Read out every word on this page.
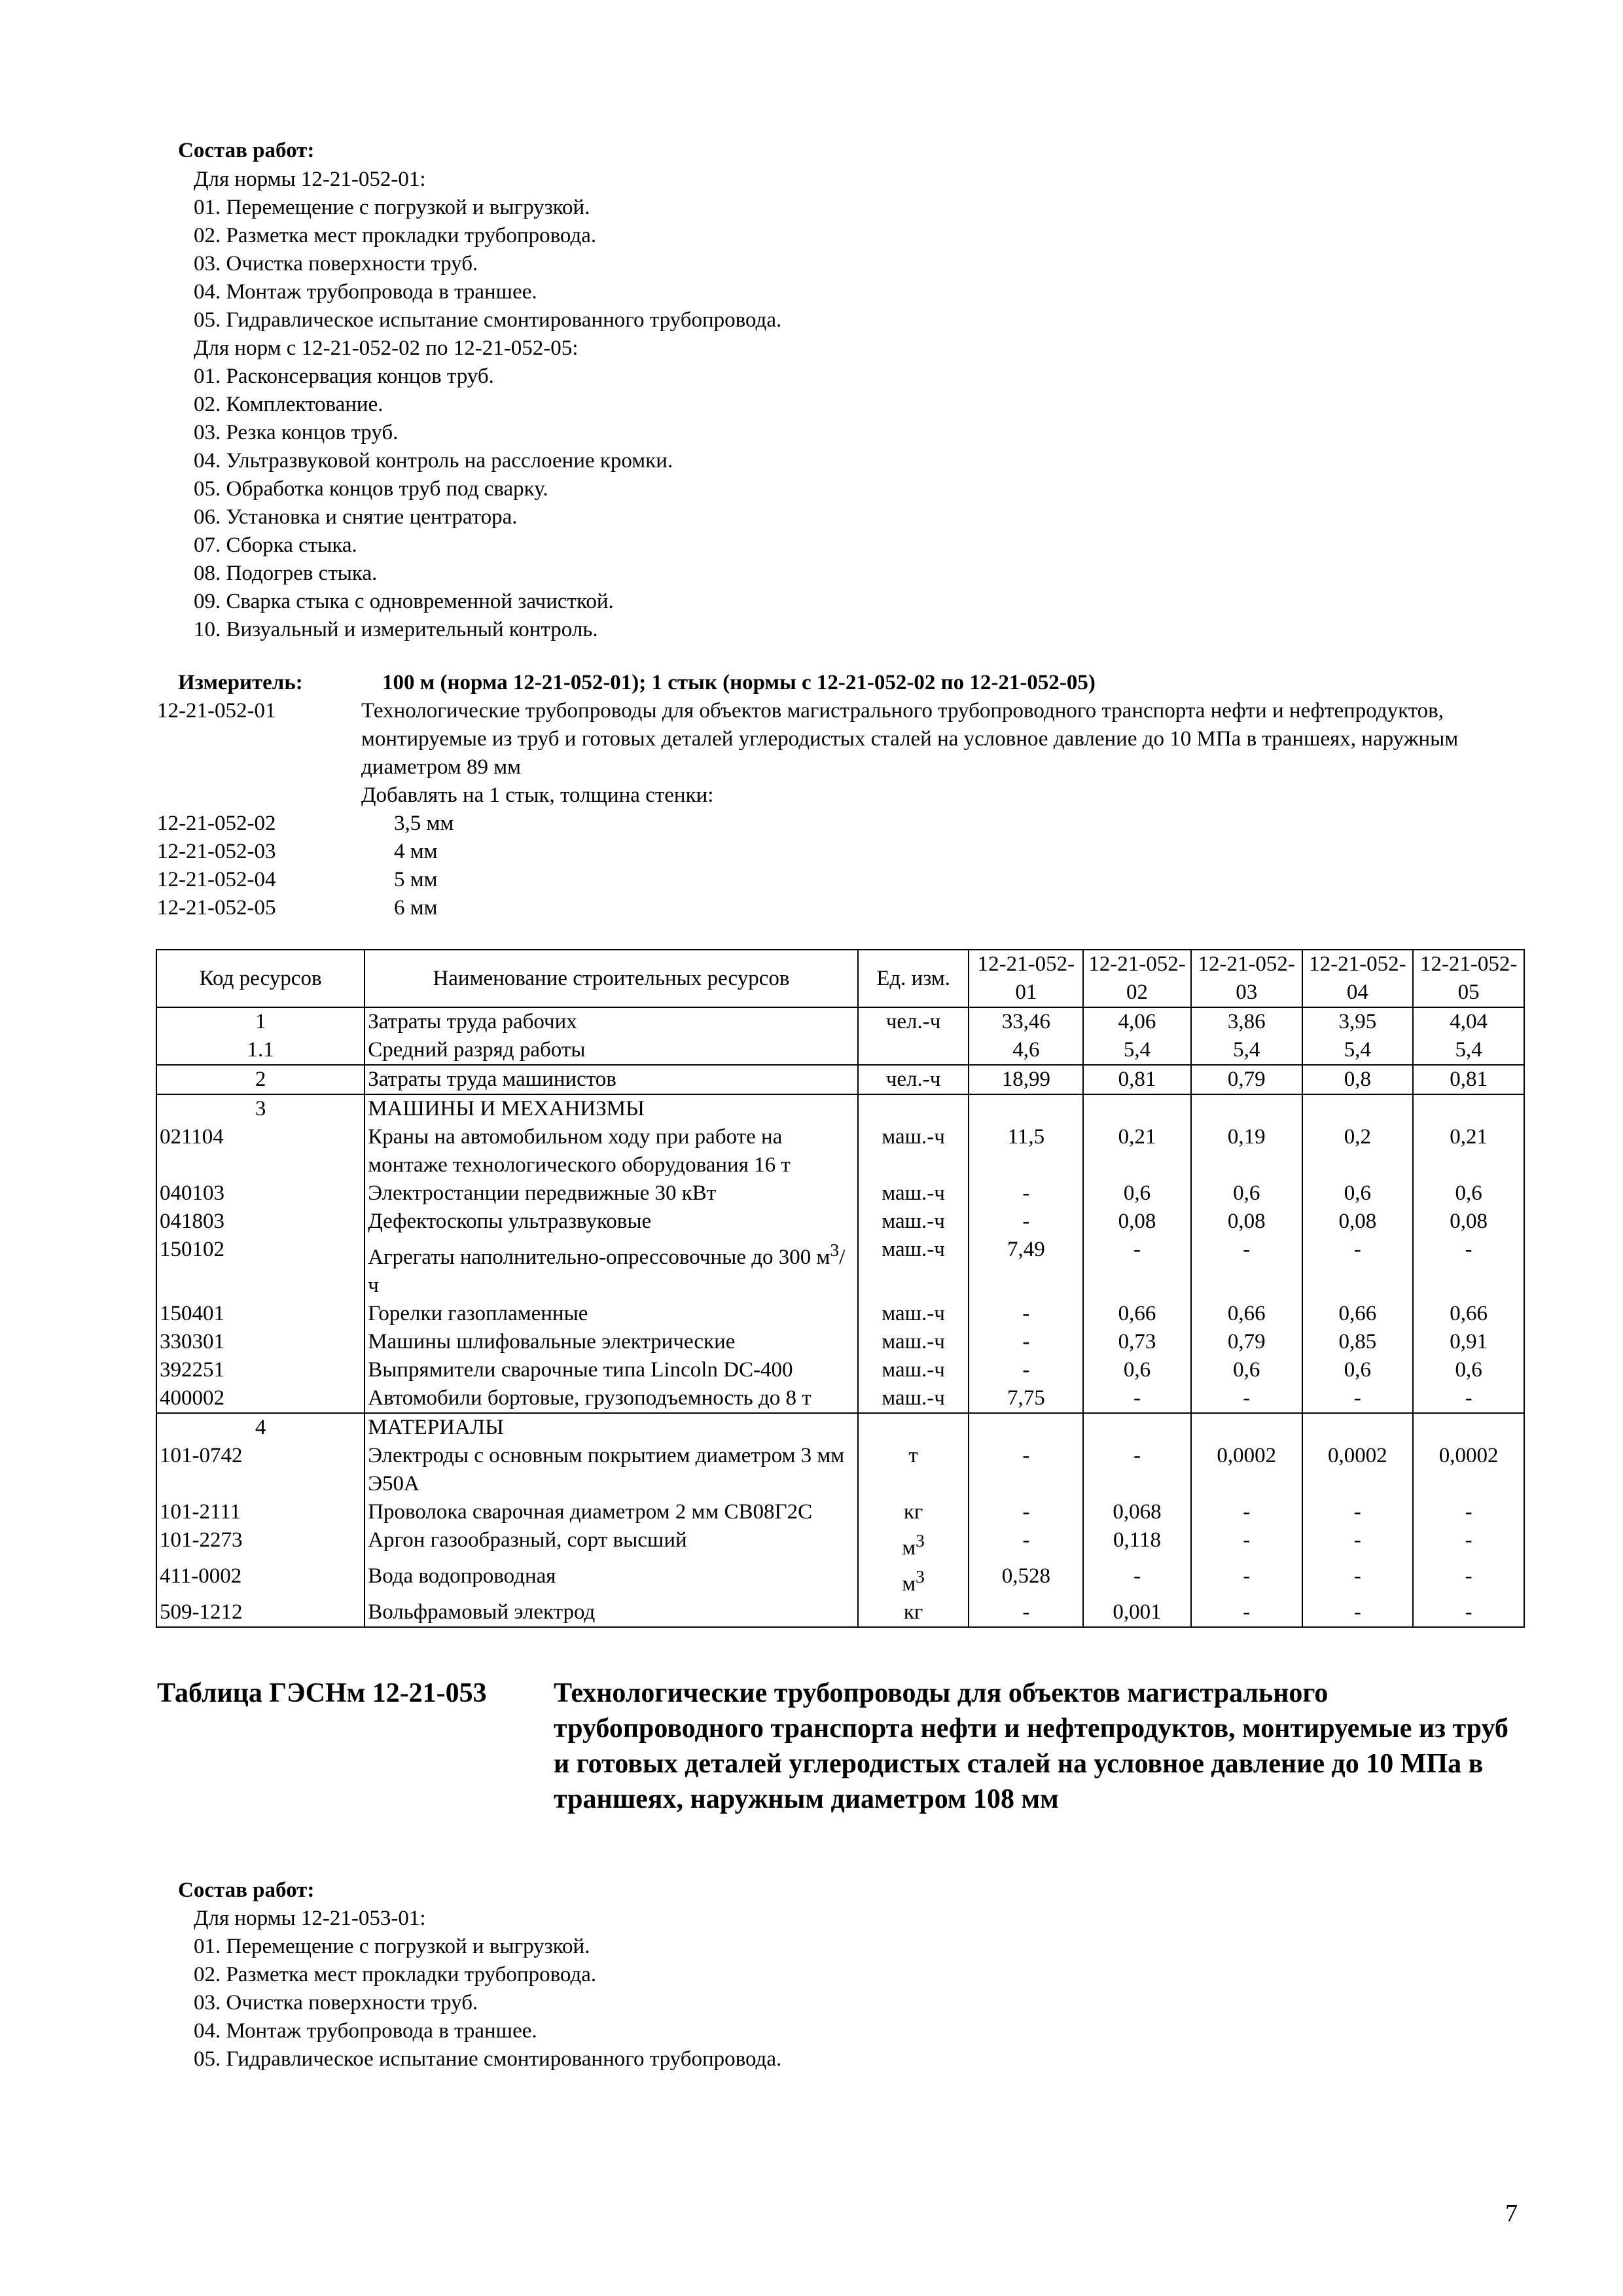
Состав работ:
Для нормы 12-21-052-01:
01. Перемещение с погрузкой и выгрузкой.
02. Разметка мест прокладки трубопровода.
03. Очистка поверхности труб.
04. Монтаж трубопровода в траншее.
05. Гидравлическое испытание смонтированного трубопровода.
Для норм с 12-21-052-02 по 12-21-052-05:
01. Расконсервация концов труб.
02. Комплектование.
03. Резка концов труб.
04. Ультразвуковой контроль на расслоение кромки.
05. Обработка концов труб под сварку.
06. Установка и снятие центратора.
07. Сборка стыка.
08. Подогрев стыка.
09. Сварка стыка с одновременной зачисткой.
10. Визуальный и измерительный контроль.
Измеритель:	100 м (норма 12-21-052-01); 1 стык (нормы с 12-21-052-02 по 12-21-052-05)
12-21-052-01	Технологические трубопроводы для объектов магистрального трубопроводного транспорта нефти и нефтепродуктов, монтируемые из труб и готовых деталей углеродистых сталей на условное давление до 10 МПа в траншеях, наружным диаметром 89 мм
Добавлять на 1 стык, толщина стенки:
12-21-052-02	3,5 мм
12-21-052-03	4 мм
12-21-052-04	5 мм
12-21-052-05	6 мм
Код ресурсов	Наименование строительных ресурсов	Ед. изм.	12-21-052-01	12-21-052-02	12-21-052-03	12-21-052-04	12-21-052-05
1	Затраты труда рабочих	чел.-ч	33,46	4,06	3,86	3,95	4,04
1.1	Средний разряд работы		4,6	5,4	5,4	5,4	5,4
2	Затраты труда машинистов	чел.-ч	18,99	0,81	0,79	0,8	0,81
3	МАШИНЫ И МЕХАНИЗМЫ						
021104	Краны на автомобильном ходу при работе на монтаже технологического оборудования 16 т	маш.-ч	11,5	0,21	0,19	0,2	0,21
040103	Электростанции передвижные 30 кВт	маш.-ч	-	0,6	0,6	0,6	0,6
041803	Дефектоскопы ультразвуковые	маш.-ч	-	0,08	0,08	0,08	0,08
150102	Агрегаты наполнительно-опрессовочные до 300 $м^3/ч$	маш.-ч	7,49	-	-	-	-
150401	Горелки газопламенные	маш.-ч	-	0,66	0,66	0,66	0,66
330301	Машины шлифовальные электрические	маш.-ч	-	0,73	0,79	0,85	0,91
392251	Выпрямители сварочные типа Lincoln DC-400	маш.-ч	-	0,6	0,6	0,6	0,6
400002	Автомобили бортовые, грузоподъемность до 8 т	маш.-ч	7,75	-	-	-	-
4	МАТЕРИАЛЫ						
101-0742	Электроды с основным покрытием диаметром 3 мм Э50А	т	-	-	0,0002	0,0002	0,0002
101-2111	Проволока сварочная диаметром 2 мм СВ08Г2С	кг	-	0,068	-	-	-
101-2273	Аргон газообразный, сорт высший	$м^3$	-	0,118	-	-	-
411-0002	Вода водопроводная	$м^3$	0,528	-	-	-	-
509-1212	Вольфрамовый электрод	кг	-	0,001	-	-	-
Таблица ГЭСНм 12-21-053	Технологические трубопроводы для объектов магистрального трубопроводного транспорта нефти и нефтепродуктов, монтируемые из труб и готовых деталей углеродистых сталей на условное давление до 10 МПа в траншеях, наружным диаметром 108 мм
Состав работ:
Для нормы 12-21-053-01:
01. Перемещение с погрузкой и выгрузкой.
02. Разметка мест прокладки трубопровода.
03. Очистка поверхности труб.
04. Монтаж трубопровода в траншее.
05. Гидравлическое испытание смонтированного трубопровода.
7
